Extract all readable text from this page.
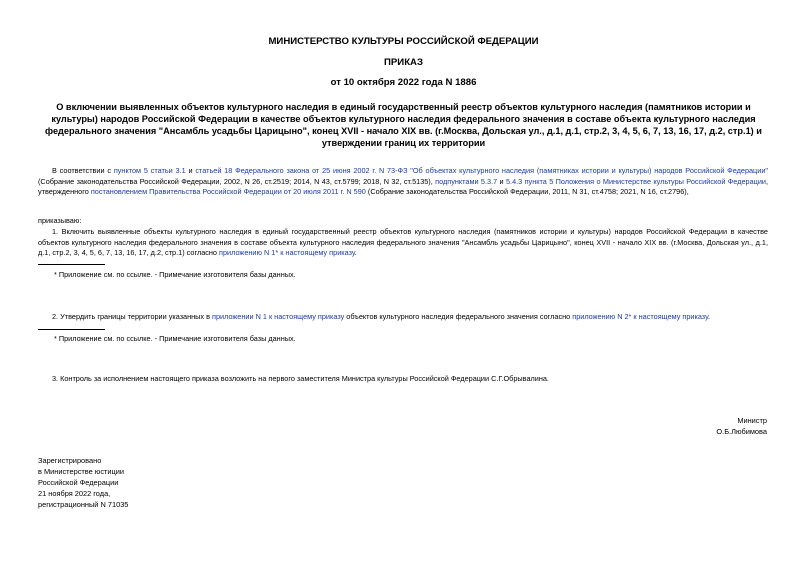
МИНИСТЕРСТВО КУЛЬТУРЫ РОССИЙСКОЙ ФЕДЕРАЦИИ
ПРИКАЗ
от 10 октября 2022 года N 1886
О включении выявленных объектов культурного наследия в единый государственный реестр объектов культурного наследия (памятников истории и культуры) народов Российской Федерации в качестве объектов культурного наследия федерального значения в составе объекта культурного наследия федерального значения "Ансамбль усадьбы Царицыно", конец XVII - начало XIX вв. (г.Москва, Дольская ул., д.1, д.1, стр.2, 3, 4, 5, 6, 7, 13, 16, 17, д.2, стр.1) и утверждении границ их территории
В соответствии с пунктом 5 статьи 3.1 и статьей 18 Федерального закона от 25 июня 2002 г. N 73-ФЗ "Об объектах культурного наследия (памятниках истории и культуры) народов Российской Федерации" (Собрание законодательства Российской Федерации, 2002, N 26, ст.2519; 2014, N 43, ст.5799; 2018, N 32, ст.5135), подпунктами 5.3.7 и 5.4.3 пункта 5 Положения о Министерстве культуры Российской Федерации, утвержденного постановлением Правительства Российской Федерации от 20 июля 2011 г. N 590 (Собрание законодательства Российской Федерации, 2011, N 31, ст.4758; 2021, N 16, ст.2796),
приказываю:
1. Включить выявленные объекты культурного наследия в единый государственный реестр объектов культурного наследия (памятников истории и культуры) народов Российской Федерации в качестве объектов культурного наследия федерального значения в составе объекта культурного наследия федерального значения "Ансамбль усадьбы Царицыно", конец XVII - начало XIX вв. (г.Москва, Дольская ул., д.1, д.1, стр.2, 3, 4, 5, 6, 7, 13, 16, 17, д.2, стр.1) согласно приложению N 1* к настоящему приказу.
* Приложение см. по ссылке. - Примечание изготовителя базы данных.
2. Утвердить границы территории указанных в приложении N 1 к настоящему приказу объектов культурного наследия федерального значения согласно приложению N 2* к настоящему приказу.
* Приложение см. по ссылке. - Примечание изготовителя базы данных.
3. Контроль за исполнением настоящего приказа возложить на первого заместителя Министра культуры Российской Федерации С.Г.Обрывалина.
Министр
О.Б.Любимова
Зарегистрировано
в Министерстве юстиции
Российской Федерации
21 ноября 2022 года,
регистрационный N 71035
